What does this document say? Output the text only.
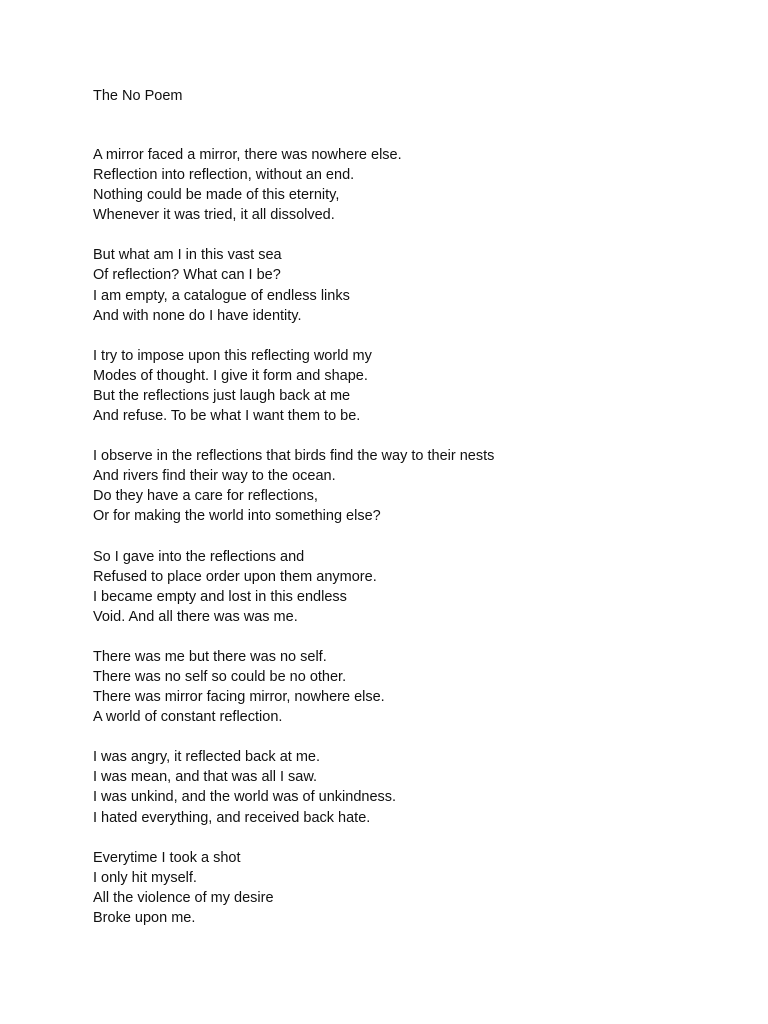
The No Poem
A mirror faced a mirror, there was nowhere else.
Reflection into reflection, without an end.
Nothing could be made of this eternity,
Whenever it was tried, it all dissolved.
But what am I in this vast sea
Of reflection? What can I be?
I am empty, a catalogue of endless links
And with none do I have identity.
I try to impose upon this reflecting world my
Modes of thought. I give it form and shape.
But the reflections just laugh back at me
And refuse. To be what I want them to be.
I observe in the reflections that birds find the way to their nests
And rivers find their way to the ocean.
Do they have a care for reflections,
Or for making the world into something else?
So I gave into the reflections and
Refused to place order upon them anymore.
I became empty and lost in this endless
Void. And all there was was me.
There was me but there was no self.
There was no self so could be no other.
There was mirror facing mirror, nowhere else.
A world of constant reflection.
I was angry, it reflected back at me.
I was mean, and that was all I saw.
I was unkind, and the world was of unkindness.
I hated everything, and received back hate.
Everytime I took a shot
I only hit myself.
All the violence of my desire
Broke upon me.
